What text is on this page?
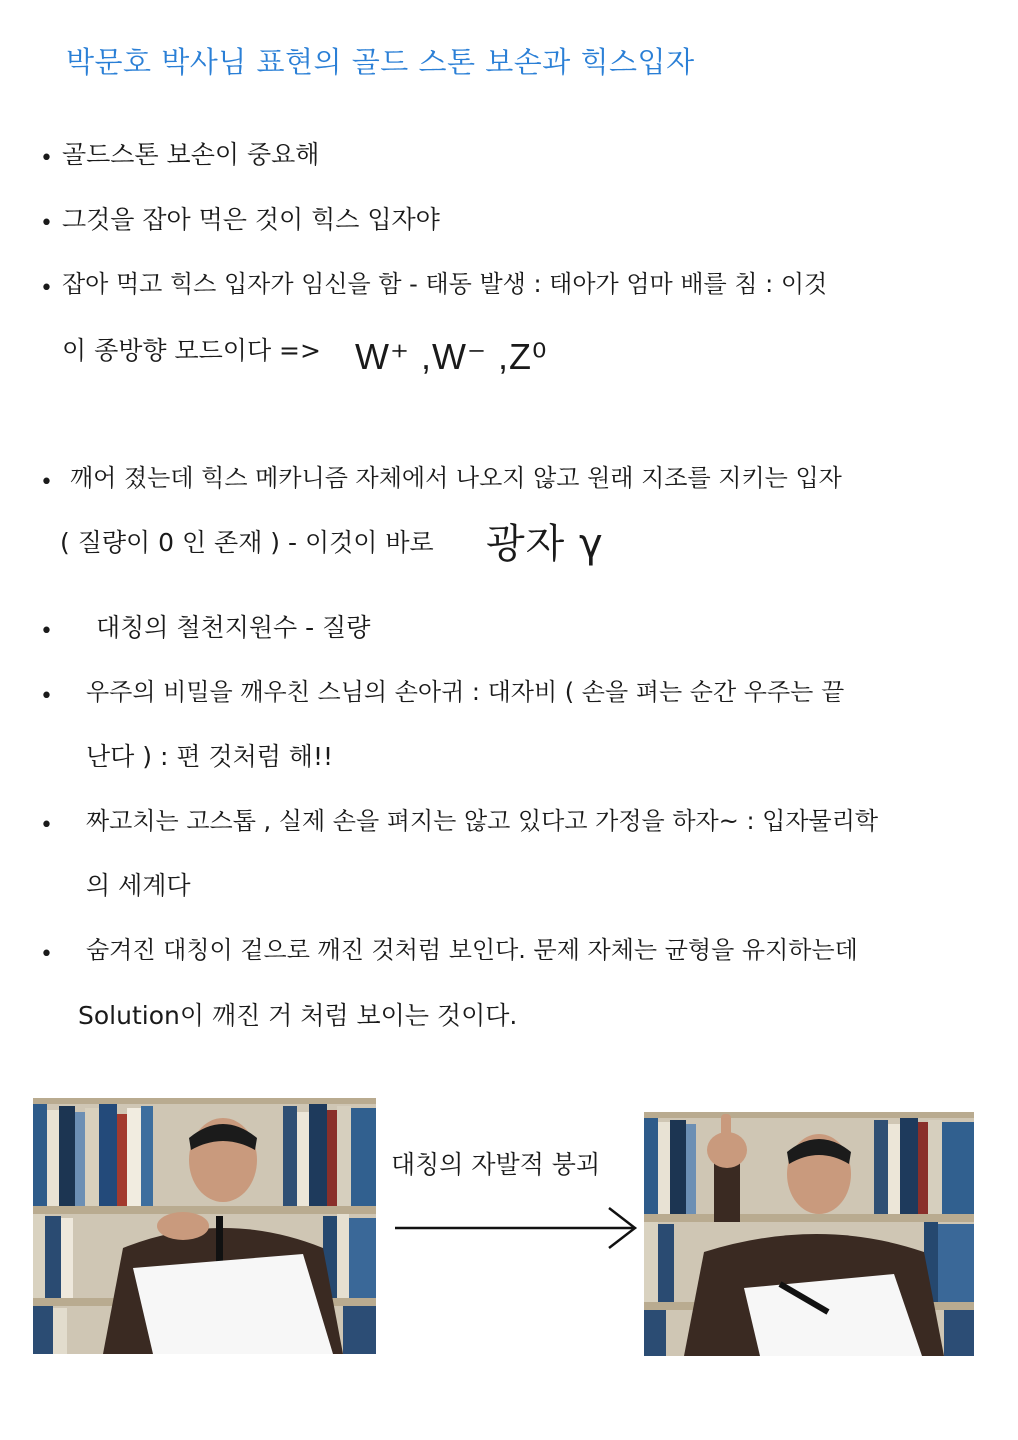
박문호 박사님 표현의 골드 스톤 보손과 힉스입자
• 골드스톤 보손이 중요해
• 그것을 잡아 먹은 것이 힉스 입자야
• 잡아 먹고 힉스 입자가 임신을 함 - 태동 발생 : 태아가 엄마 배를 침 : 이것
이 종방향 모드이다 => W⁺ ,W⁻ ,Z⁰
• 깨어 졌는데 힉스 메카니즘 자체에서 나오지 않고 원래 지조를 지키는 입자
( 질량이 0 인 존재 ) - 이것이 바로 광자 γ
• 대칭의 철천지원수 - 질량
• 우주의 비밀을 깨우친 스님의 손아귀 : 대자비 ( 손을 펴는 순간 우주는 끝
난다 ) : 편 것처럼 해!!
• 짜고치는 고스톱 , 실제 손을 펴지는 않고 있다고 가정을 하자~ : 입자물리학
의 세계다
• 숨겨진 대칭이 겉으로 깨진 것처럼 보인다. 문제 자체는 균형을 유지하는데
Solution이 깨진 거 처럼 보이는 것이다.
대칭의 자발적 붕괴
